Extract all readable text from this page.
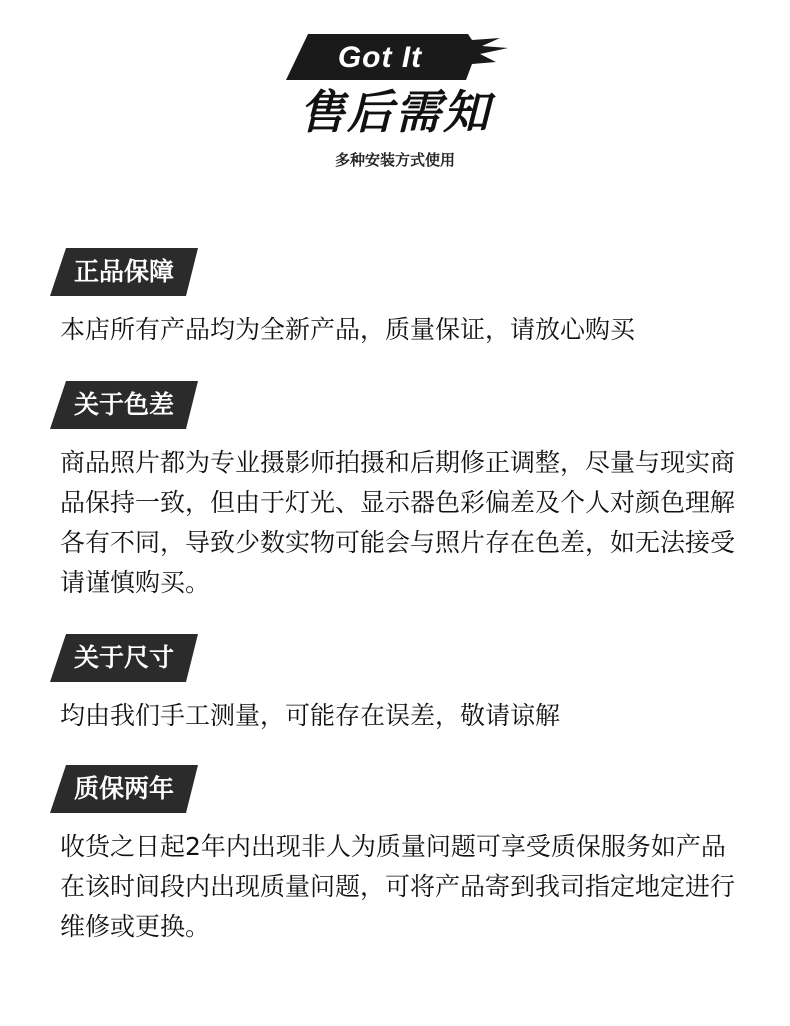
Got It
售后需知
多种安装方式使用
正品保障

本店所有产品均为全新产品，质量保证，请放心购买

关于色差

商品照片都为专业摄影师拍摄和后期修正调整，尽量与现实商品保持一致，但由于灯光、显示器色彩偏差及个人对颜色理解各有不同，导致少数实物可能会与照片存在色差，如无法接受请谨慎购买。

关于尺寸

均由我们手工测量，可能存在误差，敬请谅解

质保两年

收货之日起2年内出现非人为质量问题可享受质保服务如产品在该时间段内出现质量问题，可将产品寄到我司指定地定进行维修或更换。
